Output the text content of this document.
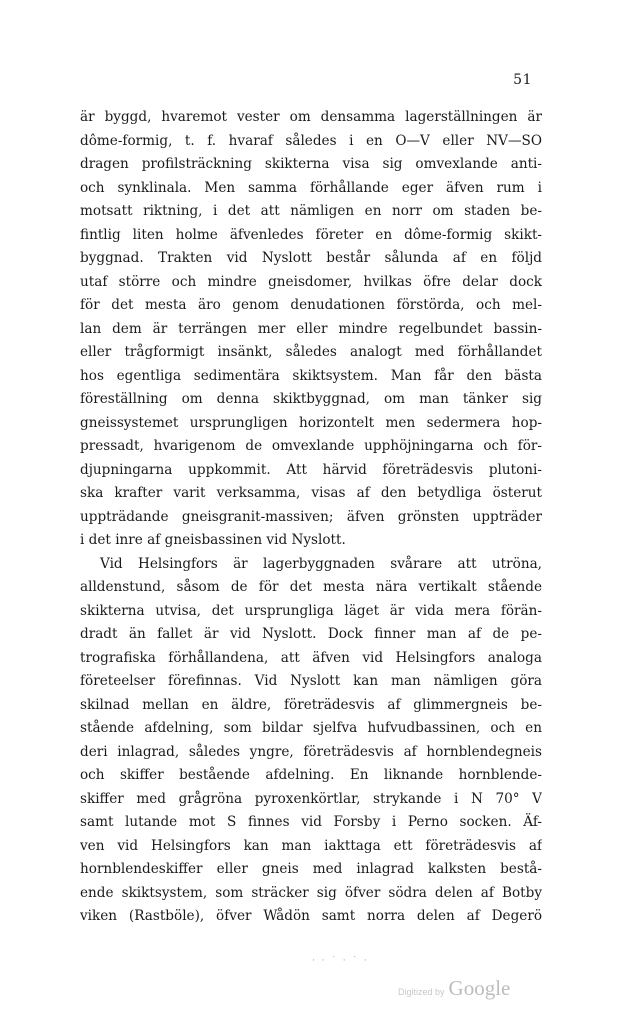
51
är byggd, hvaremot vester om densamma lagerställningen är
dôme-formig, t. f. hvaraf således i en O—V eller NV—SO
dragen profilsträckning skikterna visa sig omvexlande anti-
och synklinala. Men samma förhållande eger äfven rum i
motsatt riktning, i det att nämligen en norr om staden be-
fintlig liten holme äfvenledes företer en dôme-formig skikt-
byggnad. Trakten vid Nyslott består sålunda af en följd
utaf större och mindre gneisdomer, hvilkas öfre delar dock
för det mesta äro genom denudationen förstörda, och mel-
lan dem är terrängen mer eller mindre regelbundet bassin-
eller trågformigt insänkt, således analogt med förhållandet
hos egentliga sedimentära skiktsystem. Man får den bästa
föreställning om denna skiktbyggnad, om man tänker sig
gneissystemet ursprungligen horizontelt men sedermera hop-
pressadt, hvarigenom de omvexlande upphöjningarna och för-
djupningarna uppkommit. Att härvid företrädesvis plutoni-
ska krafter varit verksamma, visas af den betydliga österut
uppträdande gneisgranit-massiven; äfven grönsten uppträder
i det inre af gneisbassinen vid Nyslott.
Vid Helsingfors är lagerbyggnaden svårare att utröna,
alldenstund, såsom de för det mesta nära vertikalt stående
skikterna utvisa, det ursprungliga läget är vida mera förän-
dradt än fallet är vid Nyslott. Dock finner man af de pe-
trografiska förhållandena, att äfven vid Helsingfors analoga
företeelser förefinnas. Vid Nyslott kan man nämligen göra
skilnad mellan en äldre, företrädesvis af glimmergneis be-
stående afdelning, som bildar sjelfva hufvudbassinen, och en
deri inlagrad, således yngre, företrädesvis af hornblendegneis
och skiffer bestående afdelning. En liknande hornblende-
skiffer med grågröna pyroxenkörtlar, strykande i N 70° V
samt lutande mot S finnes vid Forsby i Perno socken. Äf-
ven vid Helsingfors kan man iakttaga ett företrädesvis af
hornblendeskiffer eller gneis med inlagrad kalksten bestå-
ende skiktsystem, som sträcker sig öfver södra delen af Botby
viken (Rastböle), öfver Wådön samt norra delen af Degerö
· · ˙ · ˙ ·
Digitized by Google
